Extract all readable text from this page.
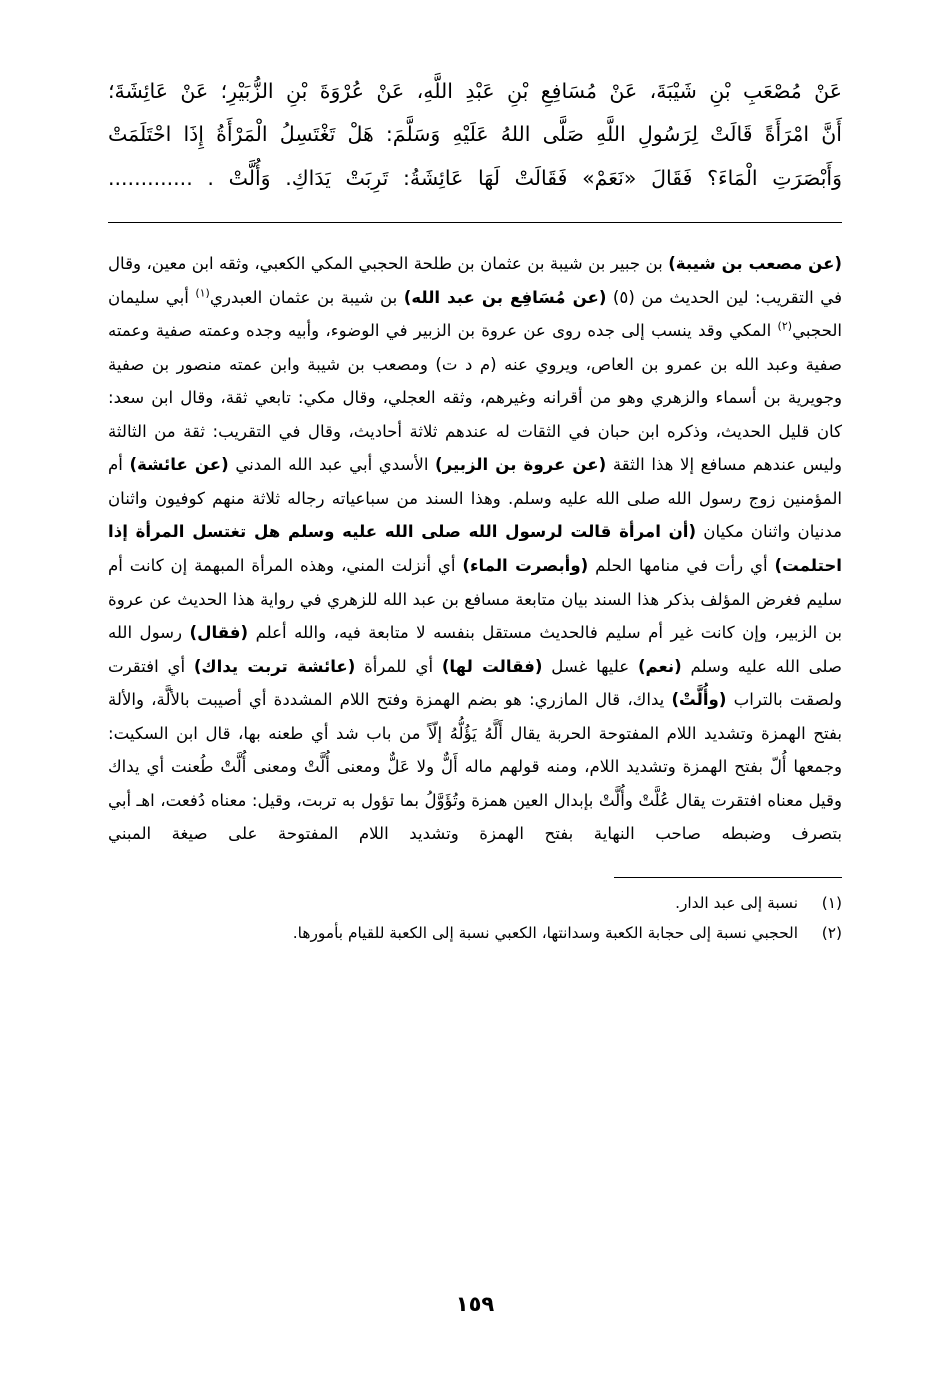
عَنْ مُصْعَبِ بْنِ شَيْبَةَ، عَنْ مُسَافِعِ بْنِ عَبْدِ اللَّهِ، عَنْ عُرْوَةَ بْنِ الزُّبَيْرِ؛ عَنْ عَائِشَةَ؛
أَنَّ امْرَأَةً قَالَتْ لِرَسُولِ اللَّهِ صَلَّى اللهُ عَلَيْهِ وَسَلَّمَ: هَلْ تَغْتَسِلُ الْمَرْأَةُ إِذَا احْتَلَمَتْ
وَأَبْصَرَتِ الْمَاءَ؟ فَقَالَ «نَعَمْ» فَقَالَتْ لَهَا عَائِشَةُ: تَرِبَتْ يَدَاكِ. وَأُلَّتْ . .............

(عن مصعب بن شيبة) بن جبير بن شيبة بن عثمان بن طلحة الحجبي المكي الكعبي، وثقه ابن معين، وقال في التقريب: لين الحديث من (٥) (عن مُسَافِع بن عبد الله) بن شيبة بن عثمان العبدري$^{(١)}$ أبي سليمان الحجبي$^{(٢)}$ المكي وقد ينسب إلى جده روى عن عروة بن الزبير في الوضوء، وأبيه وجده وعمته صفية وعمته صفية وعبد الله بن عمرو بن العاص، ويروي عنه (م د ت) ومصعب بن شيبة وابن عمته منصور بن صفية وجويرية بن أسماء والزهري وهو من أقرانه وغيرهم، وثقه العجلي، وقال مكي: تابعي ثقة، وقال ابن سعد: كان قليل الحديث، وذكره ابن حبان في الثقات له عندهم ثلاثة أحاديث، وقال في التقريب: ثقة من الثالثة وليس عندهم مسافع إلا هذا الثقة (عن عروة بن الزبير) الأسدي أبي عبد الله المدني (عن عائشة) أم المؤمنين زوج رسول الله صلى الله عليه وسلم. وهذا السند من سباعياته رجاله ثلاثة منهم كوفيون واثنان مدنيان واثنان مكيان (أن امرأة قالت لرسول الله صلى الله عليه وسلم هل تغتسل المرأة إذا احتلمت) أي رأت في منامها الحلم (وأبصرت الماء) أي أنزلت المني، وهذه المرأة المبهمة إن كانت أم سليم فغرض المؤلف بذكر هذا السند بيان متابعة مسافع بن عبد الله للزهري في رواية هذا الحديث عن عروة بن الزبير، وإن كانت غير أم سليم فالحديث مستقل بنفسه لا متابعة فيه، والله أعلم (فقال) رسول الله صلى الله عليه وسلم (نعم) عليها غسل (فقالت لها) أي للمرأة (عائشة تربت يداك) أي افتقرت ولصقت بالتراب (وأُلَّتْ) يداك، قال المازري: هو بضم الهمزة وفتح اللام المشددة أي أصيبت بالألَّة، والألة بفتح الهمزة وتشديد اللام المفتوحة الحربة يقال أَلَّهُ يَؤُلُّهُ إلّاً من باب شد أي طعنه بها، قال ابن السكيت: وجمعها أُلّ بفتح الهمزة وتشديد اللام، ومنه قولهم ماله أَلٌّ ولا عَلٌّ ومعنى أُلَّتْ ومعنى أُلَّتْ طُعنت أي يداك وقيل معناه افتقرت يقال عُلَّتْ وأُلَّتْ بإبدال العين همزة وتُؤَوَّلُ بما تؤول به تربت، وقيل: معناه دُفعت، اهـ أبي بتصرف وضبطه صاحب النهاية بفتح الهمزة وتشديد اللام المفتوحة على صيغة المبني

(١)
نسبة إلى عبد الدار.
(٢)
الحجبي نسبة إلى حجابة الكعبة وسدانتها، الكعبي نسبة إلى الكعبة للقيام بأمورها.
١٥٩
